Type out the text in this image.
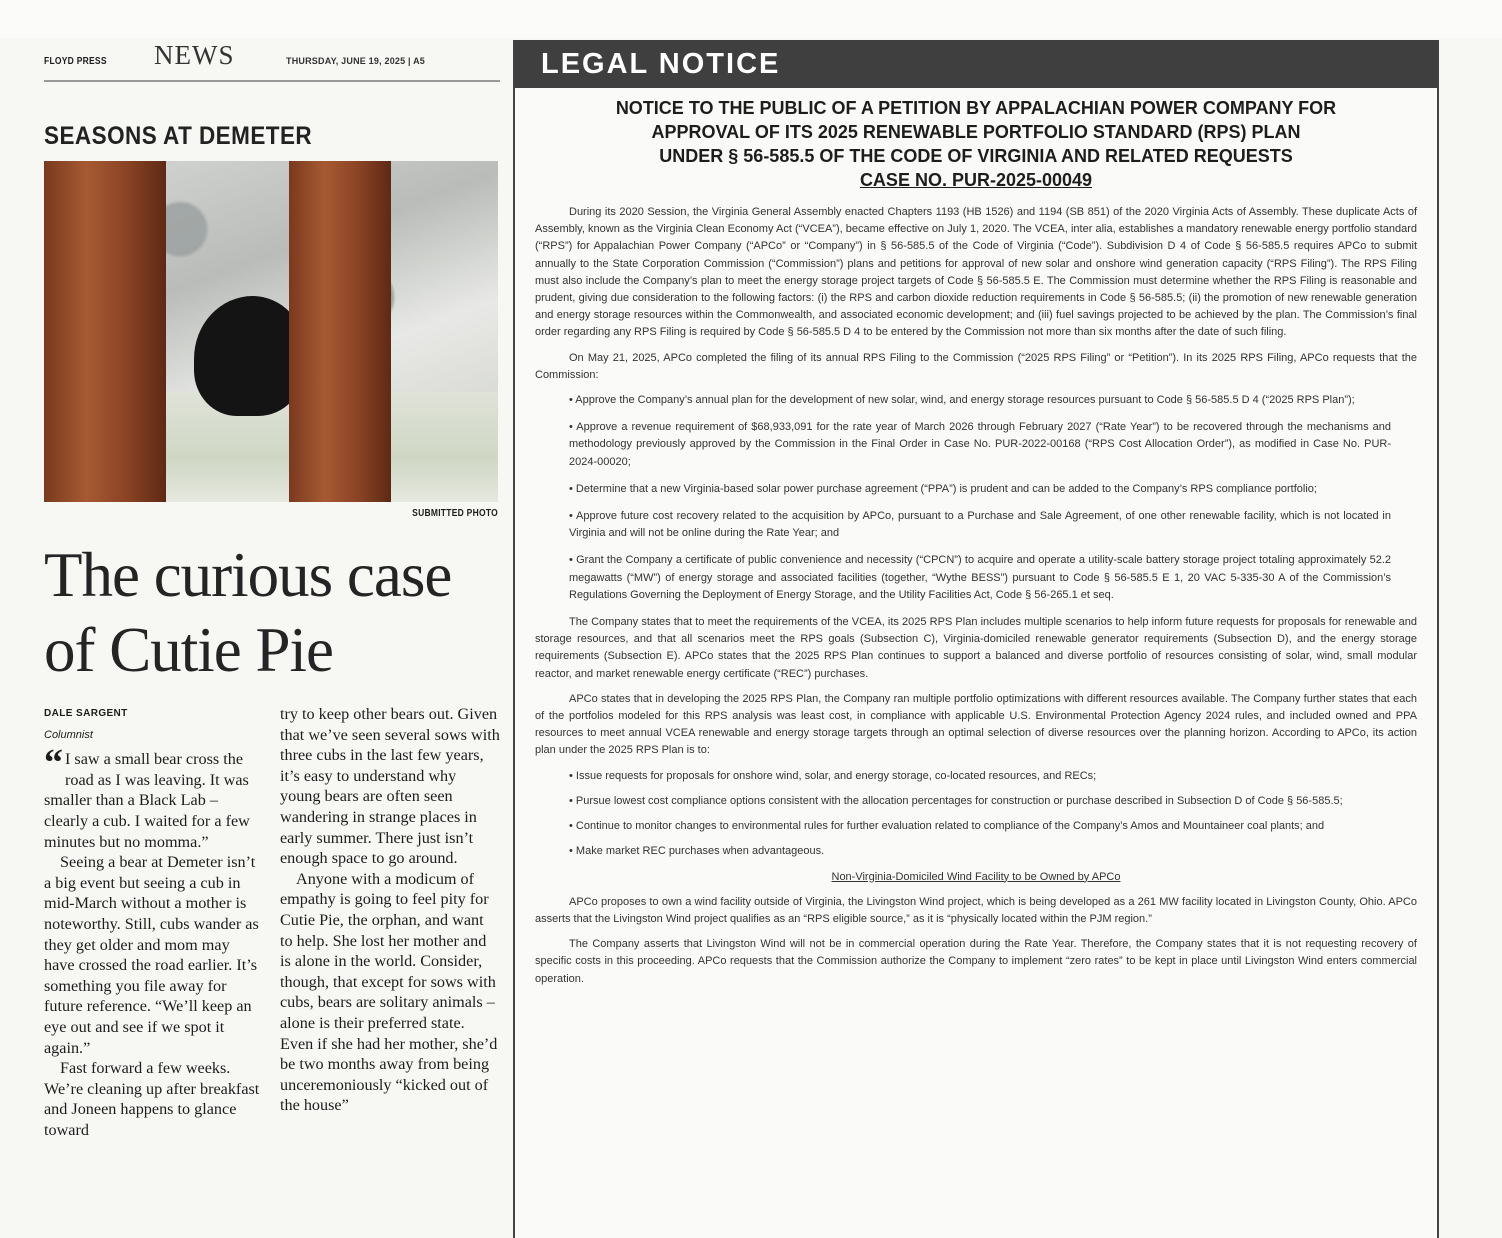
FLOYD PRESS	NEWS	THURSDAY, JUNE 19, 2025 | A5
SEASONS AT DEMETER
SUBMITTED PHOTO
The curious case of Cutie Pie
DALE SARGENT
Columnist
“ I saw a small bear cross the road as I was leaving. It was smaller than a Black Lab – clearly a cub. I waited for a few minutes but no momma.”

Seeing a bear at Demeter isn’t a big event but seeing a cub in mid-March without a mother is noteworthy. Still, cubs wander as they get older and mom may have crossed the road earlier. It’s something you file away for future reference. “We’ll keep an eye out and see if we spot it again.”

Fast forward a few weeks. We’re cleaning up after breakfast and Joneen happens to glance toward

try to keep other bears out. Given that we’ve seen several sows with three cubs in the last few years, it’s easy to understand why young bears are often seen wandering in strange places in early summer. There just isn’t enough space to go around.

Anyone with a modicum of empathy is going to feel pity for Cutie Pie, the orphan, and want to help. She lost her mother and is alone in the world. Consider, though, that except for sows with cubs, bears are solitary animals – alone is their preferred state. Even if she had her mother, she’d be two months away from being unceremoniously “kicked out of the house”

LEGAL NOTICE
NOTICE TO THE PUBLIC OF A PETITION BY APPALACHIAN POWER COMPANY FOR
APPROVAL OF ITS 2025 RENEWABLE PORTFOLIO STANDARD (RPS) PLAN
UNDER § 56-585.5 OF THE CODE OF VIRGINIA AND RELATED REQUESTS
CASE NO. PUR-2025-00049

During its 2020 Session, the Virginia General Assembly enacted Chapters 1193 (HB 1526) and 1194 (SB 851) of the 2020 Virginia Acts of Assembly. These duplicate Acts of Assembly, known as the Virginia Clean Economy Act (“VCEA”), became effective on July 1, 2020. The VCEA, inter alia, establishes a mandatory renewable energy portfolio standard (“RPS”) for Appalachian Power Company (“APCo” or “Company”) in § 56-585.5 of the Code of Virginia (“Code”). Subdivision D 4 of Code § 56-585.5 requires APCo to submit annually to the State Corporation Commission (“Commission”) plans and petitions for approval of new solar and onshore wind generation capacity (“RPS Filing”). The RPS Filing must also include the Company’s plan to meet the energy storage project targets of Code § 56-585.5 E. The Commission must determine whether the RPS Filing is reasonable and prudent, giving due consideration to the following factors: (i) the RPS and carbon dioxide reduction requirements in Code § 56-585.5; (ii) the promotion of new renewable generation and energy storage resources within the Commonwealth, and associated economic development; and (iii) fuel savings projected to be achieved by the plan. The Commission’s final order regarding any RPS Filing is required by Code § 56-585.5 D 4 to be entered by the Commission not more than six months after the date of such filing.

On May 21, 2025, APCo completed the filing of its annual RPS Filing to the Commission (“2025 RPS Filing” or “Petition”). In its 2025 RPS Filing, APCo requests that the Commission:

• Approve the Company’s annual plan for the development of new solar, wind, and energy storage resources pursuant to Code § 56-585.5 D 4 (“2025 RPS Plan”);
• Approve a revenue requirement of $68,933,091 for the rate year of March 2026 through February 2027 (“Rate Year”) to be recovered through the mechanisms and methodology previously approved by the Commission in the Final Order in Case No. PUR-2022-00168 (“RPS Cost Allocation Order”), as modified in Case No. PUR-2024-00020;
• Determine that a new Virginia-based solar power purchase agreement (“PPA”) is prudent and can be added to the Company’s RPS compliance portfolio;
• Approve future cost recovery related to the acquisition by APCo, pursuant to a Purchase and Sale Agreement, of one other renewable facility, which is not located in Virginia and will not be online during the Rate Year; and
• Grant the Company a certificate of public convenience and necessity (“CPCN”) to acquire and operate a utility-scale battery storage project totaling approximately 52.2 megawatts (“MW”) of energy storage and associated facilities (together, “Wythe BESS”) pursuant to Code § 56-585.5 E 1, 20 VAC 5-335-30 A of the Commission’s Regulations Governing the Deployment of Energy Storage, and the Utility Facilities Act, Code § 56-265.1 et seq.

The Company states that to meet the requirements of the VCEA, its 2025 RPS Plan includes multiple scenarios to help inform future requests for proposals for renewable and storage resources, and that all scenarios meet the RPS goals (Subsection C), Virginia-domiciled renewable generator requirements (Subsection D), and the energy storage requirements (Subsection E). APCo states that the 2025 RPS Plan continues to support a balanced and diverse portfolio of resources consisting of solar, wind, small modular reactor, and market renewable energy certificate (“REC”) purchases.

APCo states that in developing the 2025 RPS Plan, the Company ran multiple portfolio optimizations with different resources available. The Company further states that each of the portfolios modeled for this RPS analysis was least cost, in compliance with applicable U.S. Environmental Protection Agency 2024 rules, and included owned and PPA resources to meet annual VCEA renewable and energy storage targets through an optimal selection of diverse resources over the planning horizon. According to APCo, its action plan under the 2025 RPS Plan is to:

• Issue requests for proposals for onshore wind, solar, and energy storage, co-located resources, and RECs;
• Pursue lowest cost compliance options consistent with the allocation percentages for construction or purchase described in Subsection D of Code § 56-585.5;
• Continue to monitor changes to environmental rules for further evaluation related to compliance of the Company’s Amos and Mountaineer coal plants; and
• Make market REC purchases when advantageous.

Non-Virginia-Domiciled Wind Facility to be Owned by APCo

APCo proposes to own a wind facility outside of Virginia, the Livingston Wind project, which is being developed as a 261 MW facility located in Livingston County, Ohio. APCo asserts that the Livingston Wind project qualifies as an “RPS eligible source,” as it is “physically located within the PJM region.”

The Company asserts that Livingston Wind will not be in commercial operation during the Rate Year. Therefore, the Company states that it is not requesting recovery of specific costs in this proceeding. APCo requests that the Commission authorize the Company to implement “zero rates” to be kept in place until Livingston Wind enters commercial operation.
